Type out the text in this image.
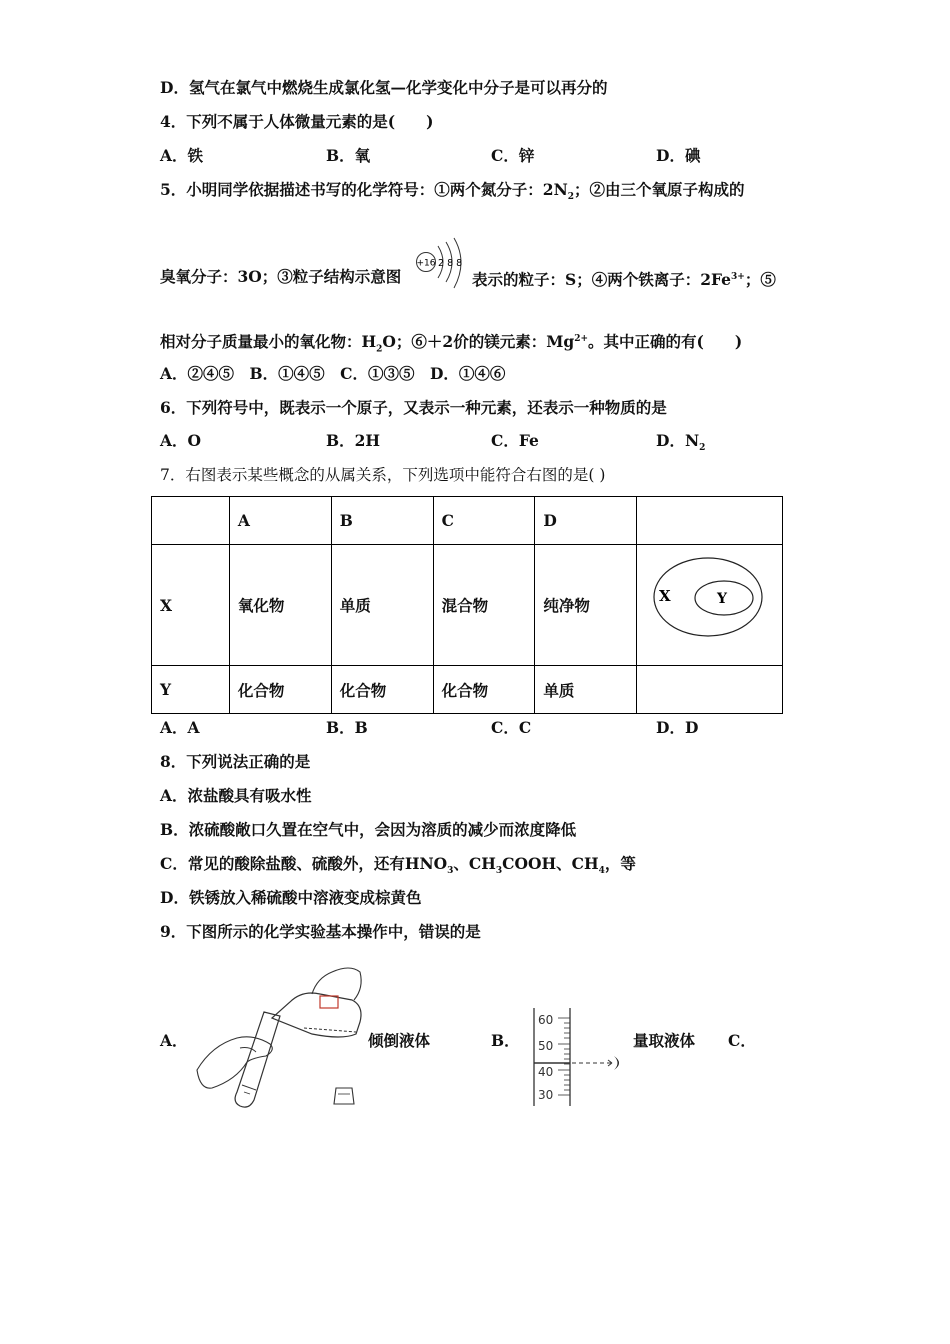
D．氢气在氯气中燃烧生成氯化氢—化学变化中分子是可以再分的
4．下列不属于人体微量元素的是(　　)
A．铁	B．氧	C．锌	D．碘
5．小明同学依据描述书写的化学符号：①两个氮分子：$2N_2$；②由三个氧原子构成的
臭氧分子：3O；③粒子结构示意图
+16 2 8 8
表示的粒子：S；④两个铁离子：$2Fe^{3+}$；⑤
相对分子质量最小的氧化物：$H_2O$；⑥＋2价的镁元素：$Mg^{2+}$。其中正确的有(　　)
A．②④⑤　B．①④⑤　C．①③⑤　D．①④⑥
6．下列符号中，既表示一个原子，又表示一种元素，还表示一种物质的是
A．O	B．2H	C．Fe	D．$N_2$
7．右图表示某些概念的从属关系，下列选项中能符合右图的是( )
	A	B	C	D	
X	氧化物	单质	混合物	纯净物	X Y

Y	化合物	化合物	化合物	单质	
A．A	B．B	C．C	D．D
8．下列说法正确的是
A．浓盐酸具有吸水性
B．浓硫酸敞口久置在空气中，会因为溶质的减少而浓度降低
C．常见的酸除盐酸、硫酸外，还有$HNO_3$、$CH_3COOH$、$CH_4$，等
D．铁锈放入稀硫酸中溶液变成棕黄色
9．下图所示的化学实验基本操作中，错误的是
A．	倾倒液体	B．
60
50
40
30
量取液体 C．
